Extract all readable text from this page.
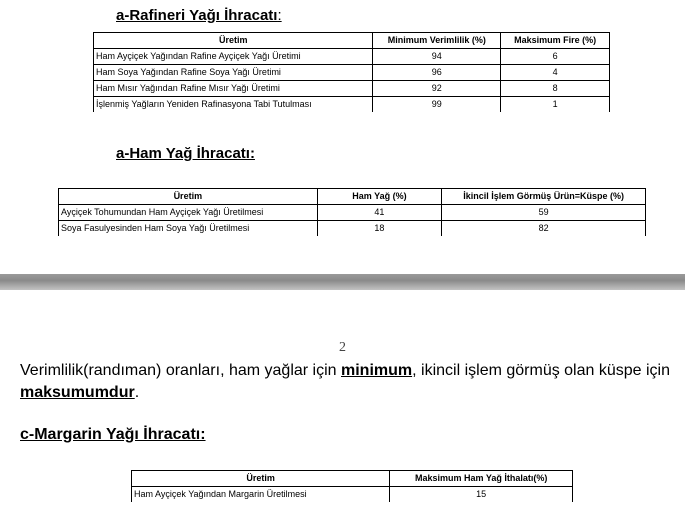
a-Rafineri Yağı İhracatı:
Üretim	Minimum Verimlilik (%)	Maksimum Fire (%)
Ham Ayçiçek Yağından Rafine Ayçiçek Yağı Üretimi	94	6
Ham Soya Yağından Rafine Soya Yağı Üretimi	96	4
Ham Mısır Yağından Rafine Mısır Yağı Üretimi	92	8
İşlenmiş Yağların Yeniden Rafinasyona Tabi Tutulması	99	1
a-Ham Yağ İhracatı:
Üretim	Ham Yağ (%)	İkincil İşlem Görmüş Ürün=Küspe (%)
Ayçiçek Tohumundan Ham Ayçiçek Yağı Üretilmesi	41	59
Soya Fasulyesinden Ham Soya Yağı Üretilmesi	18	82
2
Verimlilik(randıman) oranları, ham yağlar için minimum, ikincil işlem görmüş olan küspe için maksumumdur.
c-Margarin Yağı İhracatı:
Üretim	Maksimum Ham Yağ İthalatı(%)
Ham Ayçiçek Yağından Margarin Üretilmesi	15
